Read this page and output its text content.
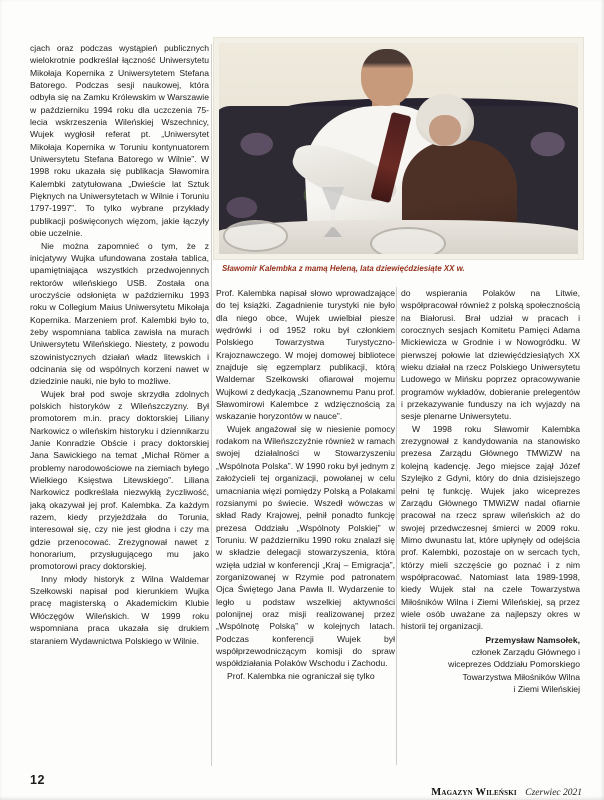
Sławomir Kalembka z mamą Heleną, lata dziewięćdziesiąte XX w.

cjach oraz podczas wystąpień publicznych wielokrotnie podkreślał łączność Uniwersytetu Mikołaja Kopernika z Uniwersytetem Stefana Batorego. Podczas sesji naukowej, która odbyła się na Zamku Królewskim w Warszawie w październiku 1994 roku dla uczczenia 75-lecia wskrzeszenia Wileńskiej Wszechnicy, Wujek wygłosił referat pt. „Uniwersytet Mikołaja Kopernika w Toruniu kontynuatorem Uniwersytetu Stefana Batorego w Wilnie”. W 1998 roku ukazała się publikacja Sławomira Kalembki zatytułowana „Dwieście lat Sztuk Pięknych na Uniwersytetach w Wilnie i Toruniu 1797-1997”. To tylko wybrane przykłady publikacji poświęconych więzom, jakie łączyły obie uczelnie.

Nie można zapomnieć o tym, że z inicjatywy Wujka ufundowana została tablica, upamiętniająca wszystkich przedwojennych rektorów wileńskiego USB. Została ona uroczyście odsłonięta w październiku 1993 roku w Collegium Maius Uniwersytetu Mikołaja Kopernika. Marzeniem prof. Kalembki było to, żeby wspomniana tablica zawisła na murach Uniwersytetu Wileńskiego. Niestety, z powodu szowinistycznych działań władz litewskich i odcinania się od wspólnych korzeni nawet w dziedzinie nauki, nie było to możliwe.

Wujek brał pod swoje skrzydła zdolnych polskich historyków z Wileńszczyzny. Był promotorem m.in. pracy doktorskiej Liliany Narkowicz o wileńskim historyku i dziennikarzu Janie Konradzie Obście i pracy doktorskiej Jana Sawickiego na temat „Michał Römer a problemy narodowościowe na ziemiach byłego Wielkiego Księstwa Litewskiego”. Liliana Narkowicz podkreślała niezwykłą życzliwość, jaką okazywał jej prof. Kalembka. Za każdym razem, kiedy przyjeżdżała do Torunia, interesował się, czy nie jest głodna i czy ma gdzie przenocować. Zrezygnował nawet z honorarium, przysługującego mu jako promotorowi pracy doktorskiej.

Inny młody historyk z Wilna Waldemar Szełkowski napisał pod kierunkiem Wujka pracę magisterską o Akademickim Klubie Włóczęgów Wileńskich. W 1999 roku wspomniana praca ukazała się drukiem staraniem Wydawnictwa Polskiego w Wilnie.

Prof. Kalembka napisał słowo wprowadzające do tej książki. Zagadnienie turystyki nie było dla niego obce, Wujek uwielbiał piesze wędrówki i od 1952 roku był członkiem Polskiego Towarzystwa Turystyczno-Krajoznawczego. W mojej domowej bibliotece znajduje się egzemplarz publikacji, którą Waldemar Szełkowski ofiarował mojemu Wujkowi z dedykacją „Szanownemu Panu prof. Sławomirowi Kalembce z wdzięcznością za wskazanie horyzontów w nauce”.

Wujek angażował się w niesienie pomocy rodakom na Wileńszczyźnie również w ramach swojej działalności w Stowarzyszeniu „Wspólnota Polska”. W 1990 roku był jednym z założycieli tej organizacji, powołanej w celu umacniania więzi pomiędzy Polską a Polakami rozsianymi po świecie. Wszedł wówczas w skład Rady Krajowej, pełnił ponadto funkcję prezesa Oddziału „Wspólnoty Polskiej” w Toruniu. W październiku 1990 roku znalazł się w składzie delegacji stowarzyszenia, która wzięła udział w konferencji „Kraj – Emigracja”, zorganizowanej w Rzymie pod patronatem Ojca Świętego Jana Pawła II. Wydarzenie to legło u podstaw wszelkiej aktywności polonijnej oraz misji realizowanej przez „Wspólnotę Polską” w kolejnych latach. Podczas konferencji Wujek był współprzewodniczącym komisji do spraw współdziałania Polaków Wschodu i Zachodu.

Prof. Kalembka nie ograniczał się tylko

do wspierania Polaków na Litwie, współpracował również z polską społecznością na Białorusi. Brał udział w pracach i corocznych sesjach Komitetu Pamięci Adama Mickiewicza w Grodnie i w Nowogródku. W pierwszej połowie lat dziewięćdziesiątych XX wieku działał na rzecz Polskiego Uniwersytetu Ludowego w Mińsku poprzez opracowywanie programów wykładów, dobieranie prelegentów i przekazywanie funduszy na ich wyjazdy na sesje plenarne Uniwersytetu.

W 1998 roku Sławomir Kalembka zrezygnował z kandydowania na stanowisko prezesa Zarządu Głównego TMWiZW na kolejną kadencję. Jego miejsce zajął Józef Szylejko z Gdyni, który do dnia dzisiejszego pełni tę funkcję. Wujek jako wiceprezes Zarządu Głównego TMWiZW nadal ofiarnie pracował na rzecz spraw wileńskich aż do swojej przedwczesnej śmierci w 2009 roku. Mimo dwunastu lat, które upłynęły od odejścia prof. Kalembki, pozostaje on w sercach tych, którzy mieli szczęście go poznać i z nim współpracować. Natomiast lata 1989-1998, kiedy Wujek stał na czele Towarzystwa Miłośników Wilna i Ziemi Wileńskiej, są przez wiele osób uważane za najlepszy okres w historii tej organizacji.

Przemysław Namsołek,

członek Zarządu Głównego i

wiceprezes Oddziału Pomorskiego

Towarzystwa Miłośników Wilna

i Ziemi Wileńskiej

12
Magazyn Wileński Czerwiec 2021
